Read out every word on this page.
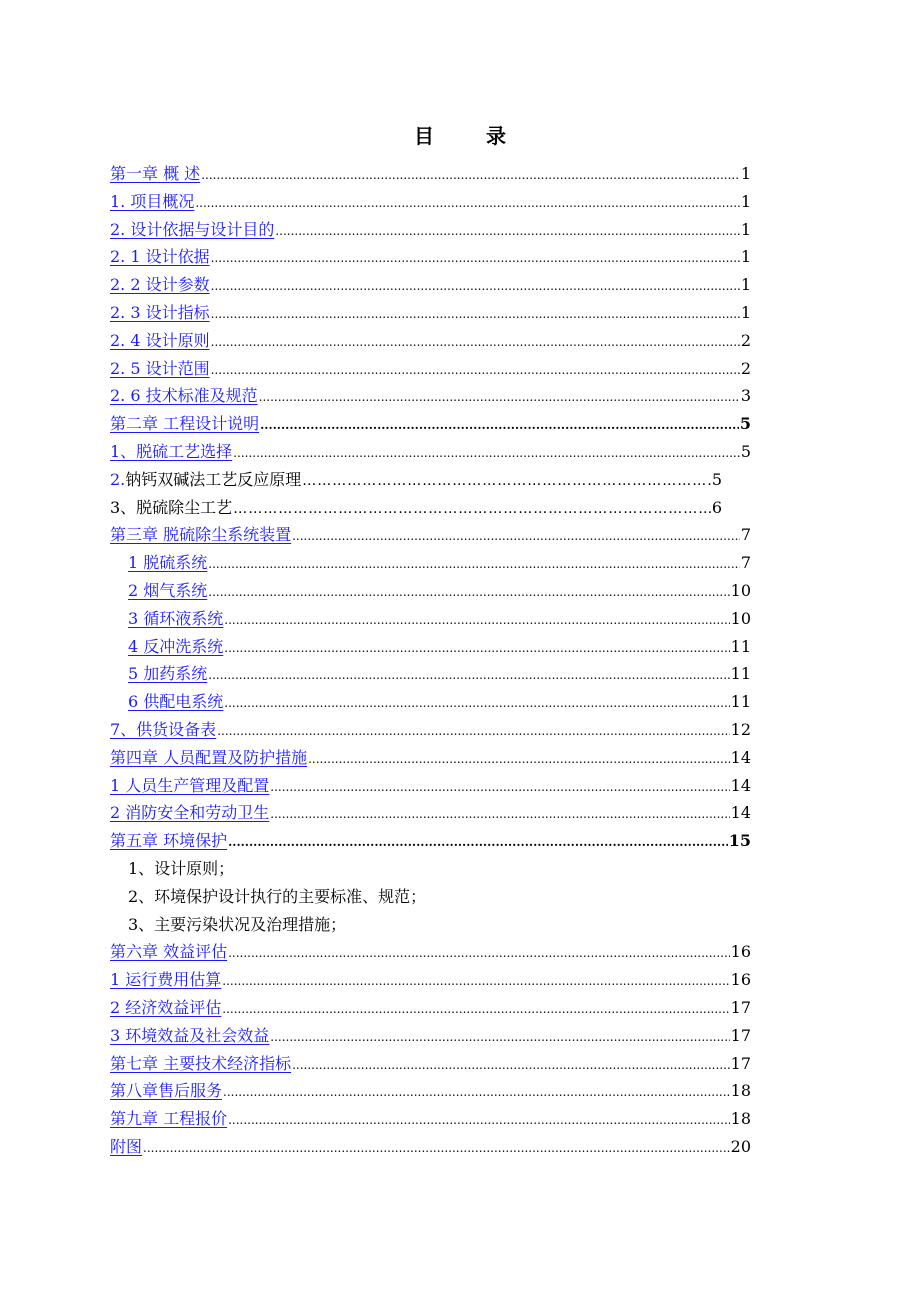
目	录
第一章 概 述 .....	1
1. 项目概况 .....	1
2. 设计依据与设计目的 .....	1
2. 1 设计依据 .....	1
2. 2 设计参数 .....	1
2. 3 设计指标 .....	1
2. 4 设计原则 .....	2
2. 5 设计范围 .....	2
2. 6 技术标准及规范 .....	3
第二章 工程设计说明 .....	5
1、脱硫工艺选择 .....	5
2.钠钙双碱法工艺反应原理 ……………………………………………………………………………………………………	5
3、脱硫除尘工艺 ……………………………………………………………………………………………………	6
第三章 脱硫除尘系统装置 .....	7
1 脱硫系统 .....	7
2 烟气系统 .....	10
3 循环液系统 .....	10
4 反冲洗系统 .....	11
5 加药系统 .....	11
6 供配电系统 .....	11
7、供货设备表 .....	12
第四章 人员配置及防护措施 .....	14
1 人员生产管理及配置 .....	14
2 消防安全和劳动卫生 .....	14
第五章 环境保护 .....	15
1、设计原则；
2、环境保护设计执行的主要标准、规范；
3、主要污染状况及治理措施；
第六章 效益评估 .....	16
1 运行费用估算 .....	16
2 经济效益评估 .....	17
3 环境效益及社会效益 .....	17
第七章 主要技术经济指标 .....	17
第八章售后服务 .....	18
第九章 工程报价 .....	18
附图 .....	20
